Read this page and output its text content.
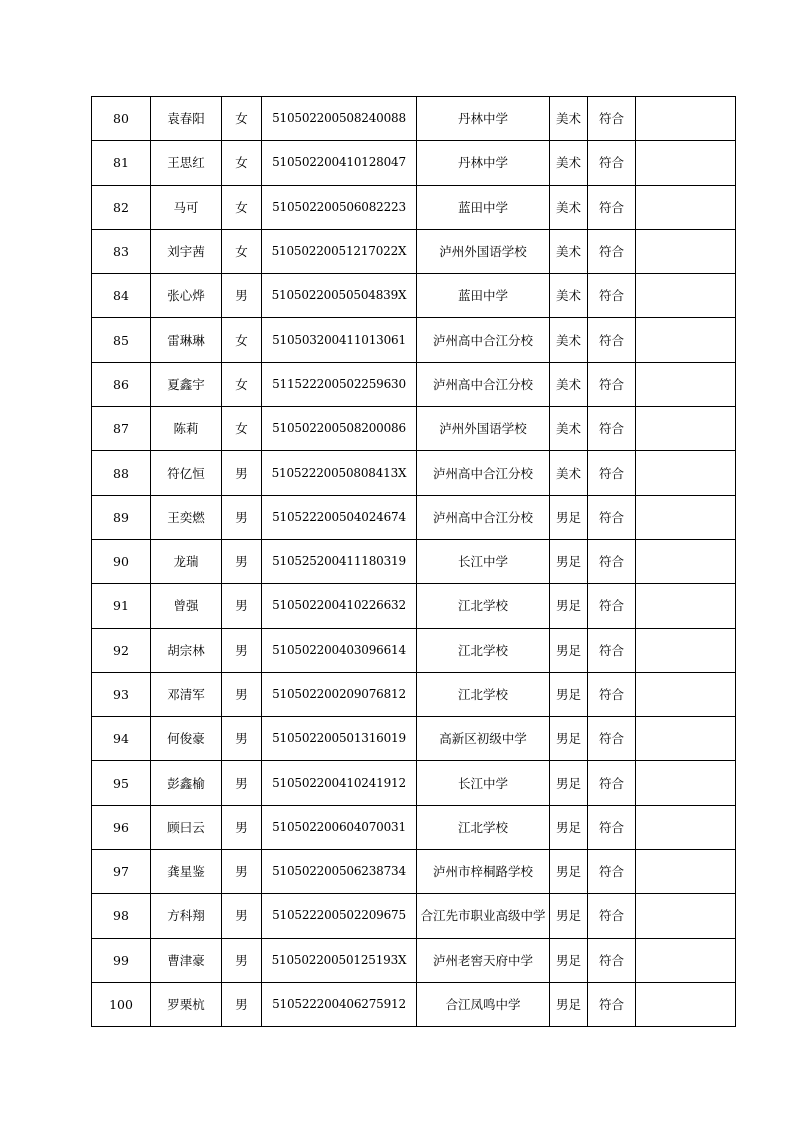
80	袁春阳	女	510502200508240088	丹林中学	美术	符合	
81	王思红	女	510502200410128047	丹林中学	美术	符合	
82	马可	女	510502200506082223	蓝田中学	美术	符合	
83	刘宇茜	女	51050220051217022X	泸州外国语学校	美术	符合	
84	张心烨	男	51050220050504839X	蓝田中学	美术	符合	
85	雷琳琳	女	510503200411013061	泸州高中合江分校	美术	符合	
86	夏鑫宇	女	511522200502259630	泸州高中合江分校	美术	符合	
87	陈莉	女	510502200508200086	泸州外国语学校	美术	符合	
88	符亿恒	男	51052220050808413X	泸州高中合江分校	美术	符合	
89	王奕燃	男	510522200504024674	泸州高中合江分校	男足	符合	
90	龙瑞	男	510525200411180319	长江中学	男足	符合	
91	曾强	男	510502200410226632	江北学校	男足	符合	
92	胡宗林	男	510502200403096614	江北学校	男足	符合	
93	邓清军	男	510502200209076812	江北学校	男足	符合	
94	何俊豪	男	510502200501316019	高新区初级中学	男足	符合	
95	彭鑫榆	男	510502200410241912	长江中学	男足	符合	
96	顾曰云	男	510502200604070031	江北学校	男足	符合	
97	龚星鉴	男	510502200506238734	泸州市梓桐路学校	男足	符合	
98	方科翔	男	510522200502209675	合江先市职业高级中学	男足	符合	
99	曹津豪	男	51050220050125193X	泸州老窖天府中学	男足	符合	
100	罗栗杭	男	510522200406275912	合江凤鸣中学	男足	符合	
